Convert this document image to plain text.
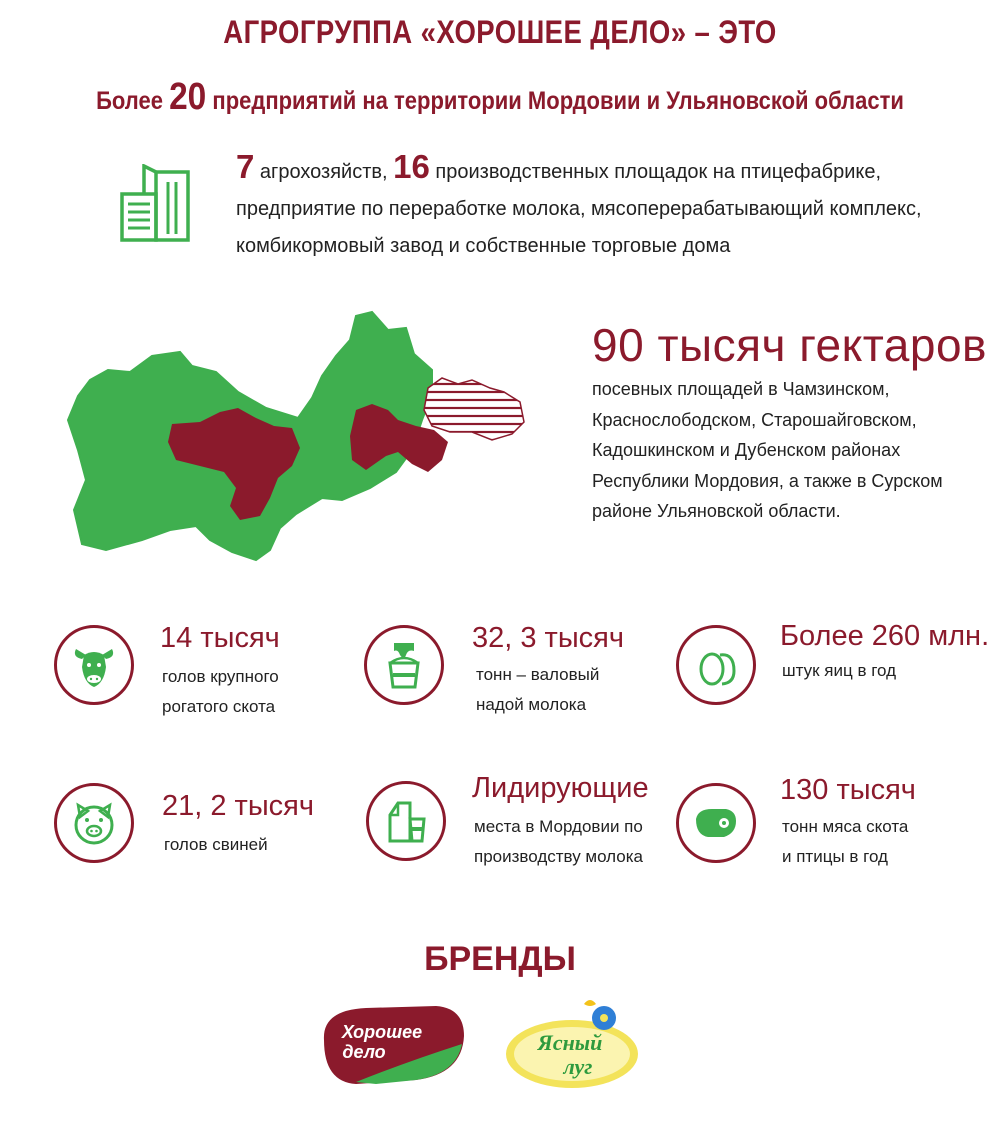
АГРОГРУППА «ХОРОШЕЕ ДЕЛО» – ЭТО
Более 20 предприятий на территории Мордовии и Ульяновской области
7 агрохозяйств, 16 производственных площадок на птицефабрике,
предприятие по переработке молока, мясоперерабатывающий комплекс,
комбикормовый завод и собственные торговые дома
90 тысяч гектаров
посевных площадей в Чамзинском,
Краснослободском, Старошайговском,
Кадошкинском и Дубенском районах
Республики Мордовия, а также в Сурском
районе Ульяновской области.
14 тысяч
голов крупного
рогатого скота
32, 3 тысяч
тонн – валовый
надой молока
Более 260 млн.
штук яиц в год
21, 2 тысяч
голов свиней
Лидирующие
места в Мордовии по
производству молока
130 тысяч
тонн мяса скота
и птицы в год
БРЕНДЫ
Хорошее
дело	Ясный
луг
